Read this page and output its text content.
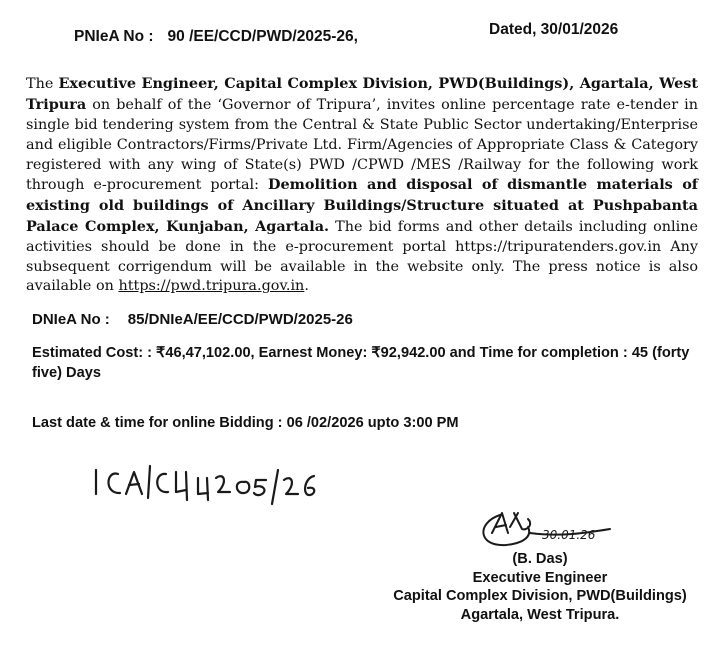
PNIeA No : 90 /EE/CCD/PWD/2025-26,	Dated, 30/01/2026

The Executive Engineer, Capital Complex Division, PWD(Buildings), Agartala, West Tripura on behalf of the ‘Governor of Tripura’, invites online percentage rate e-tender in single bid tendering system from the Central & State Public Sector undertaking/Enterprise and eligible Contractors/Firms/Private Ltd. Firm/Agencies of Appropriate Class & Category registered with any wing of State(s) PWD /CPWD /MES /Railway for the following work through e-procurement portal: Demolition and disposal of dismantle materials of existing old buildings of Ancillary Buildings/Structure situated at Pushpabanta Palace Complex, Kunjaban, Agartala. The bid forms and other details including online activities should be done in the e-procurement portal https://tripuratenders.gov.in Any subsequent corrigendum will be available in the website only. The press notice is also available on https://pwd.tripura.gov.in.

DNIeA No : 85/DNIeA/EE/CCD/PWD/2025-26
Estimated Cost: : ₹46,47,102.00, Earnest Money: ₹92,942.00 and Time for completion : 45 (forty five) Days
Last date & time for online Bidding : 06 /02/2026 upto 3:00 PM
30.01.26
(B. Das)
Executive Engineer
Capital Complex Division, PWD(Buildings)
Agartala, West Tripura.
